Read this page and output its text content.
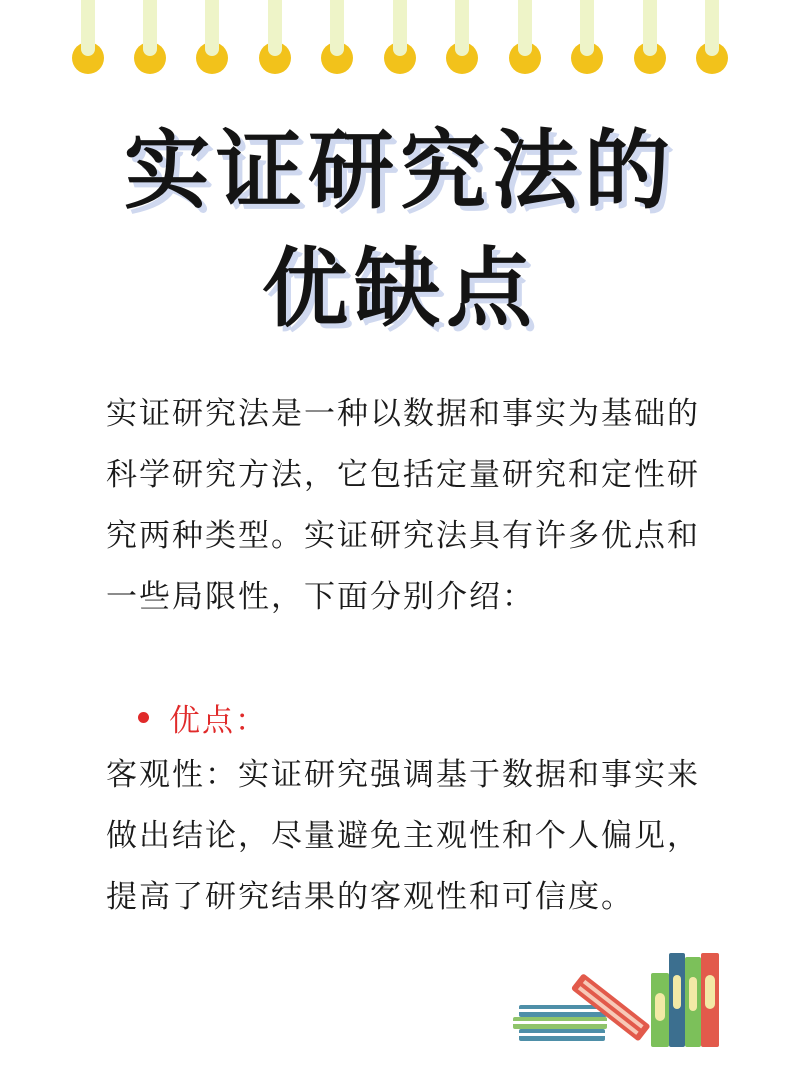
实证研究法的
优缺点
实证研究法是一种以数据和事实为基础的科学研究方法，它包括定量研究和定性研究两种类型。实证研究法具有许多优点和一些局限性，下面分别介绍：
优点：
客观性：实证研究强调基于数据和事实来做出结论，尽量避免主观性和个人偏见，提高了研究结果的客观性和可信度。
